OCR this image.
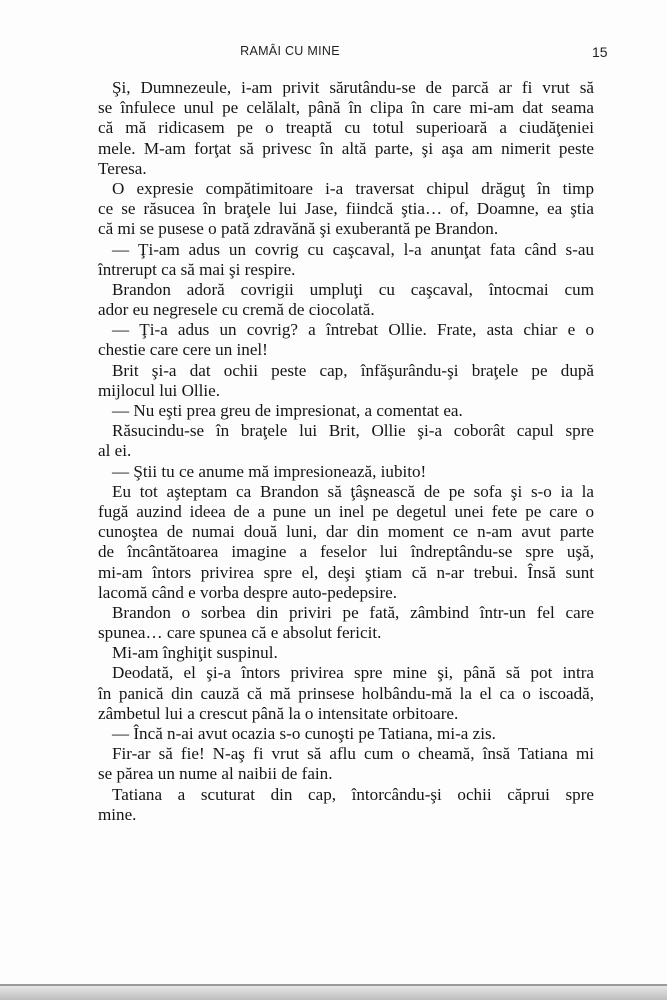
RAMÂI CU MINE	15
Şi, Dumnezeule, i-am privit sărutându-se de parcă ar fi vrut să
se înfulece unul pe celălalt, până în clipa în care mi-am dat seama
că mă ridicasem pe o treaptă cu totul superioară a ciudăţeniei
mele. M-am forţat să privesc în altă parte, şi aşa am nimerit peste
Teresa.
O expresie compătimitoare i-a traversat chipul drăguţ în timp
ce se răsucea în braţele lui Jase, fiindcă ştia… of, Doamne, ea ştia
că mi se pusese o pată zdravănă şi exuberantă pe Brandon.
— Ţi-am adus un covrig cu caşcaval, l-a anunţat fata când s-au
întrerupt ca să mai şi respire.
Brandon adoră covrigii umpluţi cu caşcaval, întocmai cum
ador eu negresele cu cremă de ciocolată.
— Ţi-a adus un covrig? a întrebat Ollie. Frate, asta chiar e o
chestie care cere un inel!
Brit şi-a dat ochii peste cap, înfăşurându-şi braţele pe după
mijlocul lui Ollie.
— Nu eşti prea greu de impresionat, a comentat ea.
Răsucindu-se în braţele lui Brit, Ollie şi-a coborât capul spre
al ei.
— Ştii tu ce anume mă impresionează, iubito!
Eu tot aşteptam ca Brandon să ţâşnească de pe sofa şi s-o ia la
fugă auzind ideea de a pune un inel pe degetul unei fete pe care o
cunoştea de numai două luni, dar din moment ce n-am avut parte
de încântătoarea imagine a feselor lui îndreptându-se spre uşă,
mi-am întors privirea spre el, deşi ştiam că n-ar trebui. Însă sunt
lacomă când e vorba despre auto-pedepsire.
Brandon o sorbea din priviri pe fată, zâmbind într-un fel care
spunea… care spunea că e absolut fericit.
Mi-am înghiţit suspinul.
Deodată, el şi-a întors privirea spre mine şi, până să pot intra
în panică din cauză că mă prinsese holbându-mă la el ca o iscoadă,
zâmbetul lui a crescut până la o intensitate orbitoare.
— Încă n-ai avut ocazia s-o cunoşti pe Tatiana, mi-a zis.
Fir-ar să fie! N-aş fi vrut să aflu cum o cheamă, însă Tatiana mi
se părea un nume al naibii de fain.
Tatiana a scuturat din cap, întorcându-şi ochii căprui spre
mine.
